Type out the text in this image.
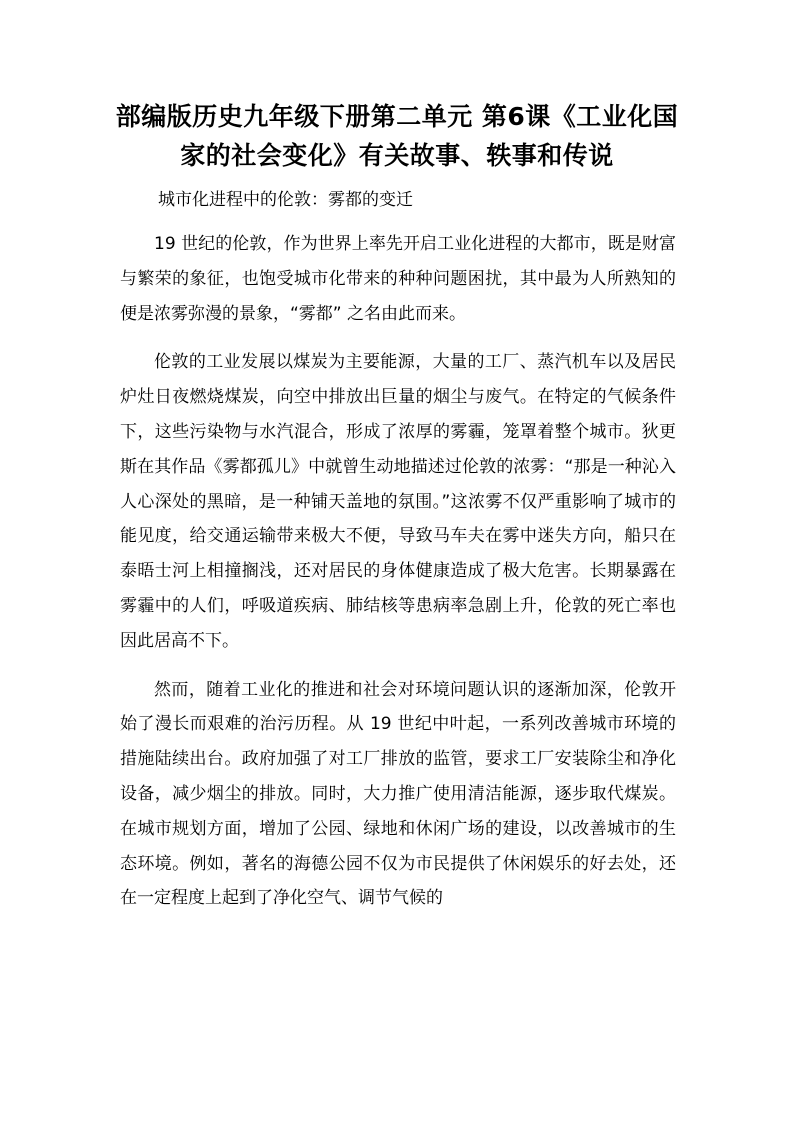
部编版历史九年级下册第二单元 第6课《工业化国
家的社会变化》有关故事、轶事和传说
城市化进程中的伦敦：雾都的变迁

19 世纪的伦敦，作为世界上率先开启工业化进程的大都市，既是财富与繁荣的象征，也饱受城市化带来的种种问题困扰，其中最为人所熟知的便是浓雾弥漫的景象，“雾都” 之名由此而来。

伦敦的工业发展以煤炭为主要能源，大量的工厂、蒸汽机车以及居民炉灶日夜燃烧煤炭，向空中排放出巨量的烟尘与废气。在特定的气候条件下，这些污染物与水汽混合，形成了浓厚的雾霾，笼罩着整个城市。狄更斯在其作品《雾都孤儿》中就曾生动地描述过伦敦的浓雾：“那是一种沁入人心深处的黑暗，是一种铺天盖地的氛围。”这浓雾不仅严重影响了城市的能见度，给交通运输带来极大不便，导致马车夫在雾中迷失方向，船只在泰晤士河上相撞搁浅，还对居民的身体健康造成了极大危害。长期暴露在雾霾中的人们，呼吸道疾病、肺结核等患病率急剧上升，伦敦的死亡率也因此居高不下。

然而，随着工业化的推进和社会对环境问题认识的逐渐加深，伦敦开始了漫长而艰难的治污历程。从 19 世纪中叶起，一系列改善城市环境的措施陆续出台。政府加强了对工厂排放的监管，要求工厂安装除尘和净化设备，减少烟尘的排放。同时，大力推广使用清洁能源，逐步取代煤炭。在城市规划方面，增加了公园、绿地和休闲广场的建设，以改善城市的生态环境。例如，著名的海德公园不仅为市民提供了休闲娱乐的好去处，还在一定程度上起到了净化空气、调节气候的
